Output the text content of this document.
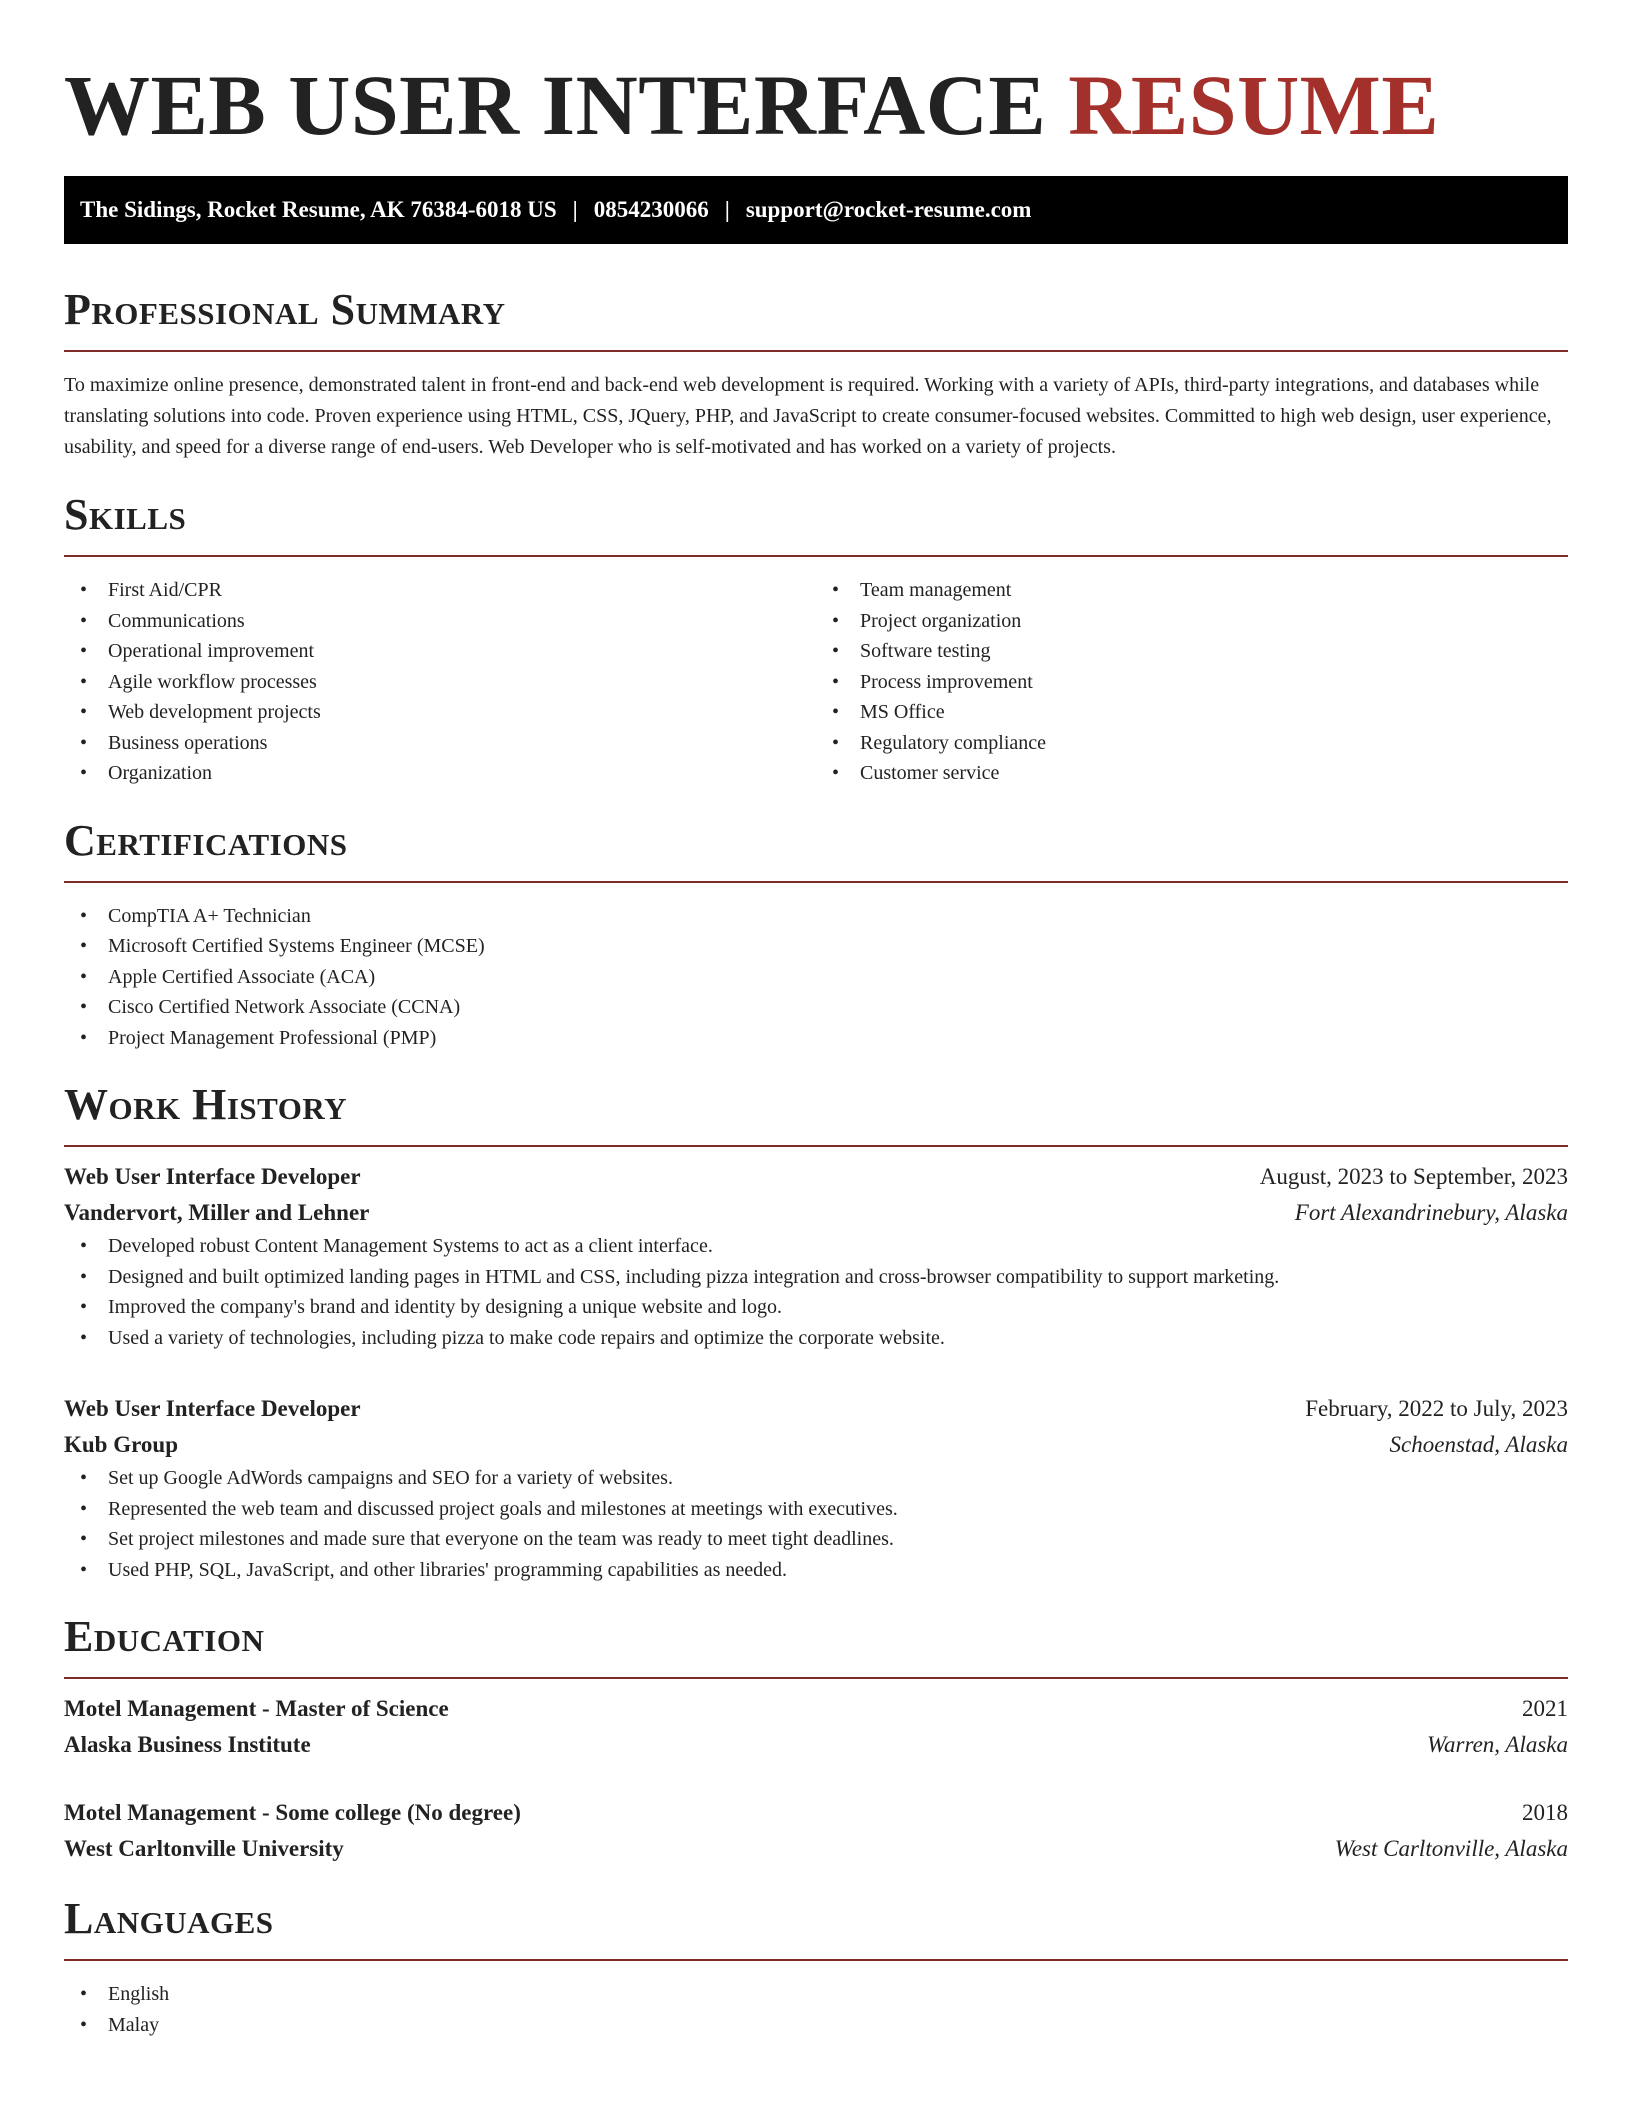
WEB USER INTERFACE RESUME
The Sidings, Rocket Resume, AK 76384-6018 US | 0854230066 | support@rocket-resume.com
Professional Summary

To maximize online presence, demonstrated talent in front-end and back-end web development is required. Working with a variety of APIs, third-party integrations, and databases while translating solutions into code. Proven experience using HTML, CSS, JQuery, PHP, and JavaScript to create consumer-focused websites. Committed to high web design, user experience, usability, and speed for a diverse range of end-users. Web Developer who is self-motivated and has worked on a variety of projects.

Skills
• First Aid/CPR
• Communications
• Operational improvement
• Agile workflow processes
• Web development projects
• Business operations
• Organization
• Team management
• Project organization
• Software testing
• Process improvement
• MS Office
• Regulatory compliance
• Customer service
Certifications
• CompTIA A+ Technician
• Microsoft Certified Systems Engineer (MCSE)
• Apple Certified Associate (ACA)
• Cisco Certified Network Associate (CCNA)
• Project Management Professional (PMP)
Work History
Web User Interface Developer	August, 2023 to September, 2023
Vandervort, Miller and Lehner	Fort Alexandrinebury, Alaska
• Developed robust Content Management Systems to act as a client interface.
• Designed and built optimized landing pages in HTML and CSS, including pizza integration and cross-browser compatibility to support marketing.
• Improved the company's brand and identity by designing a unique website and logo.
• Used a variety of technologies, including pizza to make code repairs and optimize the corporate website.
Web User Interface Developer	February, 2022 to July, 2023
Kub Group	Schoenstad, Alaska
• Set up Google AdWords campaigns and SEO for a variety of websites.
• Represented the web team and discussed project goals and milestones at meetings with executives.
• Set project milestones and made sure that everyone on the team was ready to meet tight deadlines.
• Used PHP, SQL, JavaScript, and other libraries' programming capabilities as needed.
Education
Motel Management - Master of Science	2021
Alaska Business Institute	Warren, Alaska
Motel Management - Some college (No degree)	2018
West Carltonville University	West Carltonville, Alaska
Languages
• English
• Malay
